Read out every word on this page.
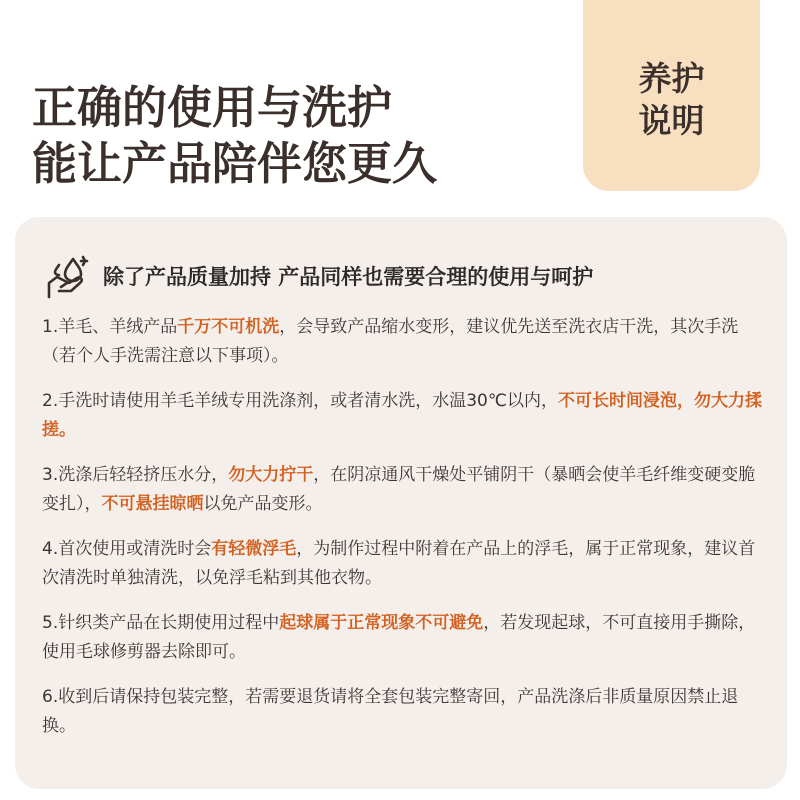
正确的使用与洗护
能让产品陪伴您更久
养护
说明
除了产品质量加持 产品同样也需要合理的使用与呵护
1.羊毛、羊绒产品千万不可机洗，会导致产品缩水变形，建议优先送至洗衣店干洗，其次手洗（若个人手洗需注意以下事项）。
2.手洗时请使用羊毛羊绒专用洗涤剂，或者清水洗，水温30℃以内，不可长时间浸泡，勿大力揉搓。
3.洗涤后轻轻挤压水分，勿大力拧干，在阴凉通风干燥处平铺阴干（暴晒会使羊毛纤维变硬变脆变扎），不可悬挂晾晒以免产品变形。
4.首次使用或清洗时会有轻微浮毛，为制作过程中附着在产品上的浮毛，属于正常现象，建议首次清洗时单独清洗，以免浮毛粘到其他衣物。
5.针织类产品在长期使用过程中起球属于正常现象不可避免，若发现起球，不可直接用手撕除，使用毛球修剪器去除即可。
6.收到后请保持包装完整，若需要退货请将全套包装完整寄回，产品洗涤后非质量原因禁止退换。
